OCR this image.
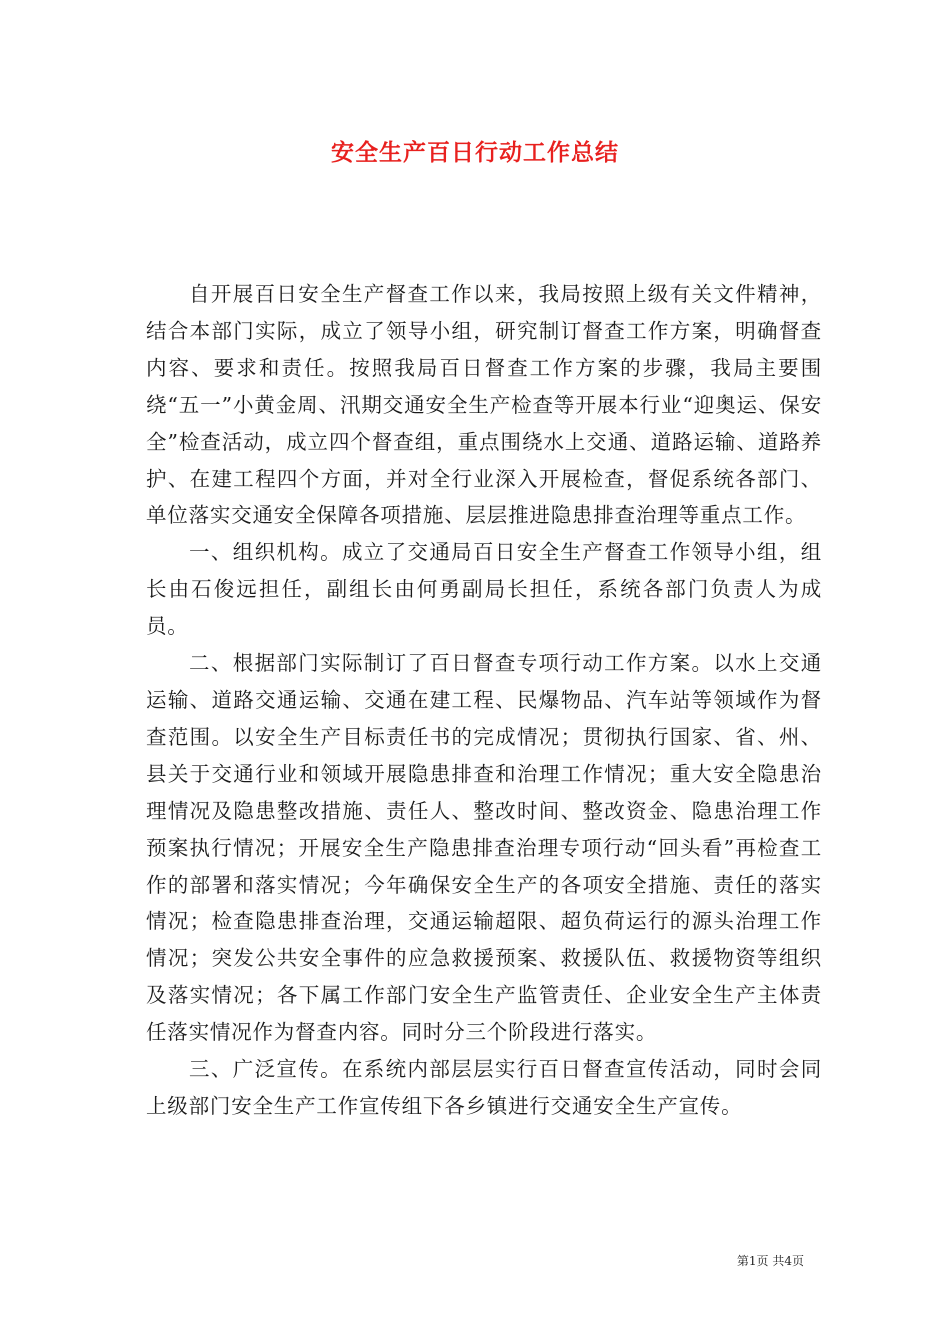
安全生产百日行动工作总结

自开展百日安全生产督查工作以来，我局按照上级有关文件精神，结合本部门实际，成立了领导小组，研究制订督查工作方案，明确督查内容、要求和责任。按照我局百日督查工作方案的步骤，我局主要围绕“五一”小黄金周、汛期交通安全生产检查等开展本行业“迎奥运、保安全”检查活动，成立四个督查组，重点围绕水上交通、道路运输、道路养护、在建工程四个方面，并对全行业深入开展检查，督促系统各部门、单位落实交通安全保障各项措施、层层推进隐患排查治理等重点工作。

一、组织机构。成立了交通局百日安全生产督查工作领导小组，组长由石俊远担任，副组长由何勇副局长担任，系统各部门负责人为成员。

二、根据部门实际制订了百日督查专项行动工作方案。以水上交通运输、道路交通运输、交通在建工程、民爆物品、汽车站等领域作为督查范围。以安全生产目标责任书的完成情况；贯彻执行国家、省、州、县关于交通行业和领域开展隐患排查和治理工作情况；重大安全隐患治理情况及隐患整改措施、责任人、整改时间、整改资金、隐患治理工作预案执行情况；开展安全生产隐患排查治理专项行动“回头看”再检查工作的部署和落实情况；今年确保安全生产的各项安全措施、责任的落实情况；检查隐患排查治理，交通运输超限、超负荷运行的源头治理工作情况；突发公共安全事件的应急救援预案、救援队伍、救援物资等组织及落实情况；各下属工作部门安全生产监管责任、企业安全生产主体责任落实情况作为督查内容。同时分三个阶段进行落实。

三、广泛宣传。在系统内部层层实行百日督查宣传活动，同时会同上级部门安全生产工作宣传组下各乡镇进行交通安全生产宣传。

第1页 共4页
